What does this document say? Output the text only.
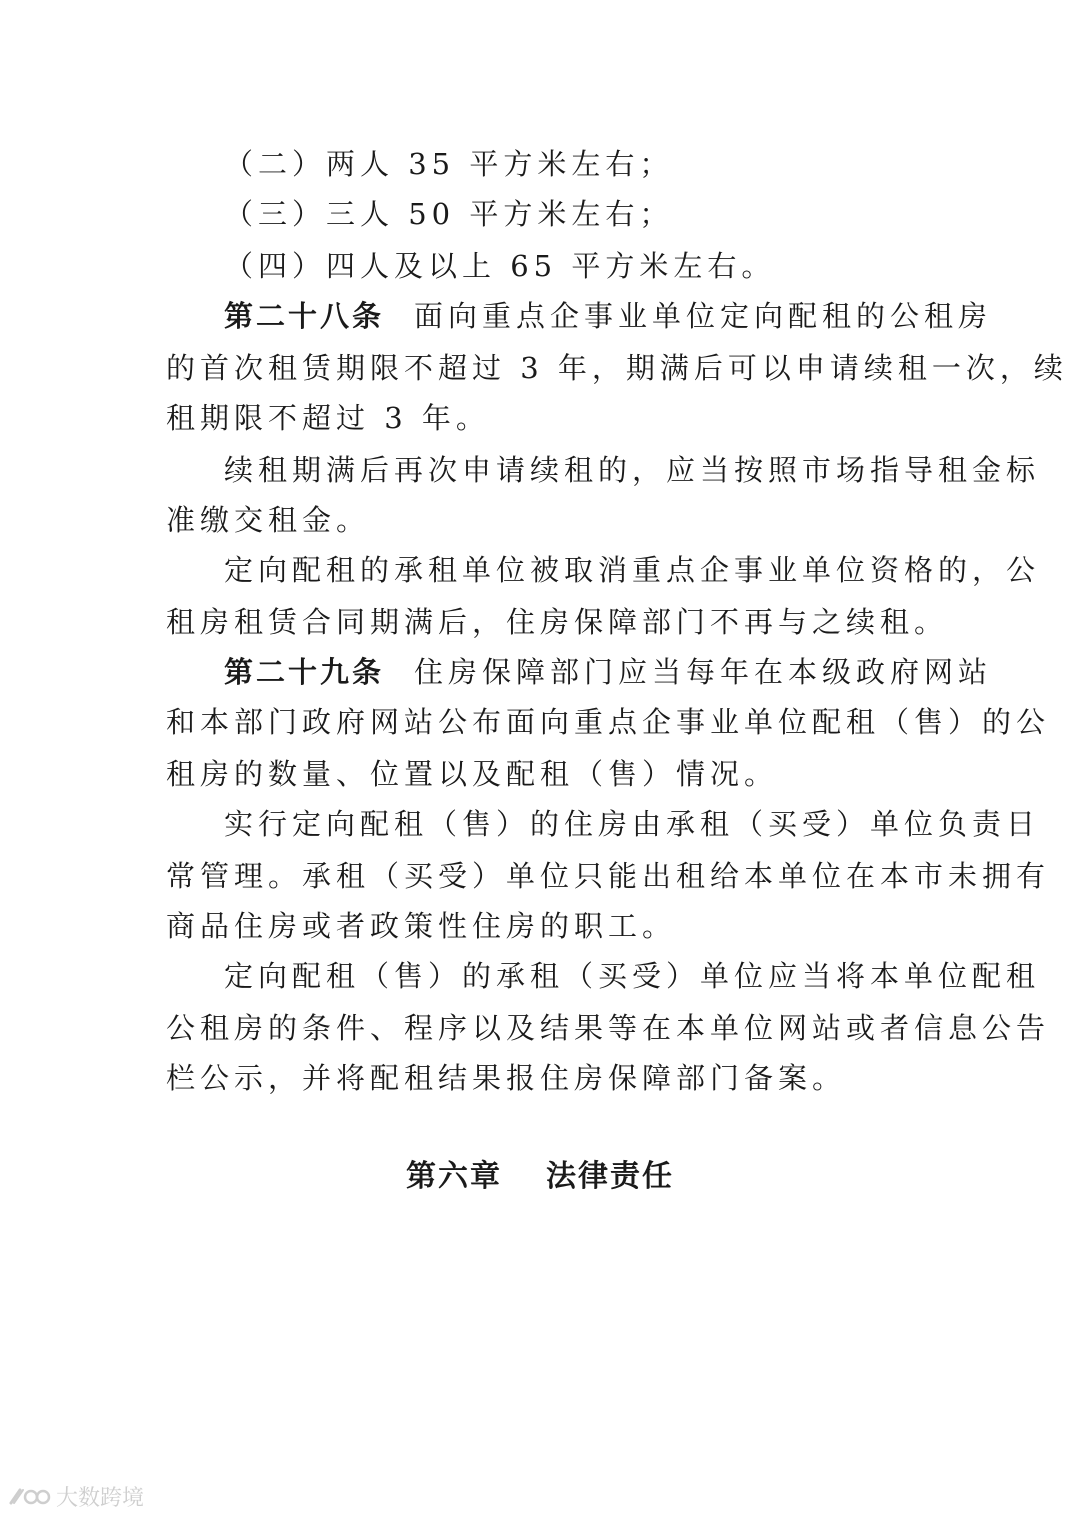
（二）两人 35 平方米左右；
（三）三人 50 平方米左右；
（四）四人及以上 65 平方米左右。
第二十八条 面向重点企事业单位定向配租的公租房
的首次租赁期限不超过 3 年，期满后可以申请续租一次，续
租期限不超过 3 年。
续租期满后再次申请续租的，应当按照市场指导租金标
准缴交租金。
定向配租的承租单位被取消重点企事业单位资格的，公
租房租赁合同期满后，住房保障部门不再与之续租。
第二十九条 住房保障部门应当每年在本级政府网站
和本部门政府网站公布面向重点企事业单位配租（售）的公
租房的数量、位置以及配租（售）情况。
实行定向配租（售）的住房由承租（买受）单位负责日
常管理。承租（买受）单位只能出租给本单位在本市未拥有
商品住房或者政策性住房的职工。
定向配租（售）的承租（买受）单位应当将本单位配租
公租房的条件、程序以及结果等在本单位网站或者信息公告
栏公示，并将配租结果报住房保障部门备案。
第六章 法律责任
大数跨境
